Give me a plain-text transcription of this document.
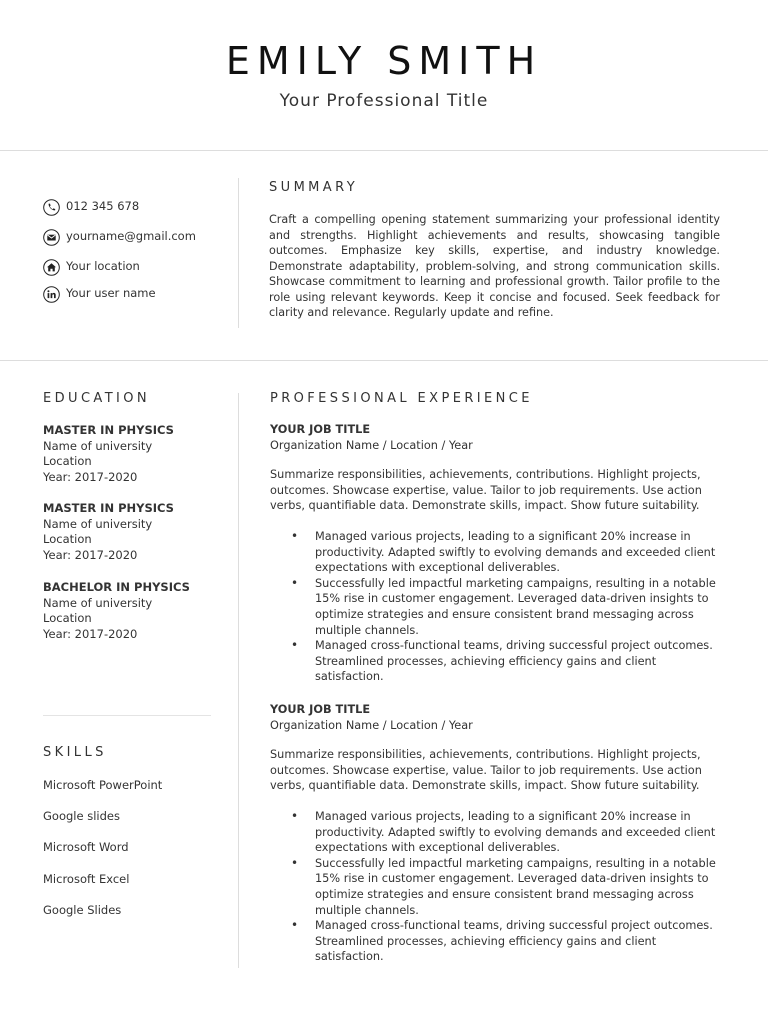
EMILY SMITH

Your Professional Title

012 345 678
yourname@gmail.com
Your location
Your user name
SUMMARY

Craft a compelling opening statement summarizing your professional identity and strengths. Highlight achievements and results, showcasing tangible outcomes. Emphasize key skills, expertise, and industry knowledge. Demonstrate adaptability, problem-solving, and strong communication skills. Showcase commitment to learning and professional growth. Tailor profile to the role using relevant keywords. Keep it concise and focused. Seek feedback for clarity and relevance. Regularly update and refine.

EDUCATION

MASTER IN PHYSICS

Name of university

Location

Year: 2017-2020

MASTER IN PHYSICS

Name of university

Location

Year: 2017-2020

BACHELOR IN PHYSICS

Name of university

Location

Year: 2017-2020

SKILLS

Microsoft PowerPoint

Google slides

Microsoft Word

Microsoft Excel

Google Slides

PROFESSIONAL EXPERIENCE

YOUR JOB TITLE

Organization Name / Location / Year

Summarize responsibilities, achievements, contributions. Highlight projects, outcomes. Showcase expertise, value. Tailor to job requirements. Use action verbs, quantifiable data. Demonstrate skills, impact. Show future suitability.

• Managed various projects, leading to a significant 20% increase in productivity. Adapted swiftly to evolving demands and exceeded client expectations with exceptional deliverables.
• Successfully led impactful marketing campaigns, resulting in a notable 15% rise in customer engagement. Leveraged data-driven insights to optimize strategies and ensure consistent brand messaging across multiple channels.
• Managed cross-functional teams, driving successful project outcomes. Streamlined processes, achieving efficiency gains and client satisfaction.

YOUR JOB TITLE

Organization Name / Location / Year

Summarize responsibilities, achievements, contributions. Highlight projects, outcomes. Showcase expertise, value. Tailor to job requirements. Use action verbs, quantifiable data. Demonstrate skills, impact. Show future suitability.

• Managed various projects, leading to a significant 20% increase in productivity. Adapted swiftly to evolving demands and exceeded client expectations with exceptional deliverables.
• Successfully led impactful marketing campaigns, resulting in a notable 15% rise in customer engagement. Leveraged data-driven insights to optimize strategies and ensure consistent brand messaging across multiple channels.
• Managed cross-functional teams, driving successful project outcomes. Streamlined processes, achieving efficiency gains and client satisfaction.
